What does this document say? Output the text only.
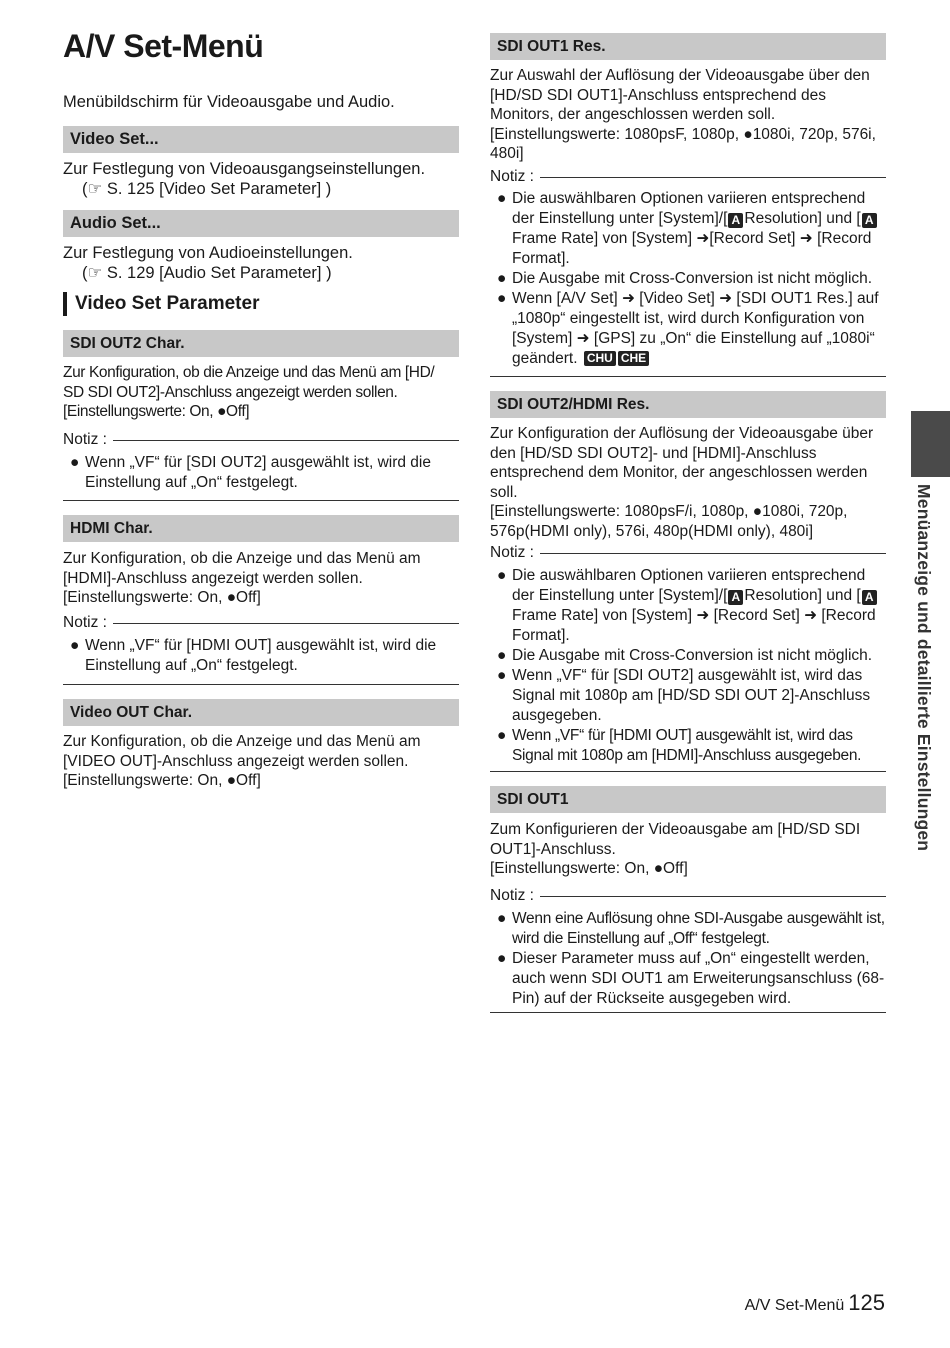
A/V Set-Menü
Menübildschirm für Videoausgabe und Audio.
Video Set...
Zur Festlegung von Videoausgangseinstellungen.
(☞ S. 125 [Video Set Parameter] )
Audio Set...
Zur Festlegung von Audioeinstellungen.
(☞ S. 129 [Audio Set Parameter] )
Video Set Parameter
SDI OUT2 Char.
Zur Konfiguration, ob die Anzeige und das Menü am [HD/
SD SDI OUT2]-Anschluss angezeigt werden sollen.
[Einstellungswerte: On, ●Off]
Notiz :
● Wenn „VF“ für [SDI OUT2] ausgewählt ist, wird die Einstellung auf „On“ festgelegt.
HDMI Char.
Zur Konfiguration, ob die Anzeige und das Menü am
[HDMI]-Anschluss angezeigt werden sollen.
[Einstellungswerte: On, ●Off]
Notiz :
● Wenn „VF“ für [HDMI OUT] ausgewählt ist, wird die Einstellung auf „On“ festgelegt.
Video OUT Char.
Zur Konfiguration, ob die Anzeige und das Menü am
[VIDEO OUT]-Anschluss angezeigt werden sollen.
[Einstellungswerte: On, ●Off]
SDI OUT1 Res.
Zur Auswahl der Auflösung der Videoausgabe über den [HD/SD SDI OUT1]-Anschluss entsprechend des Monitors, der angeschlossen werden soll.
[Einstellungswerte: 1080psF, 1080p, ●1080i, 720p, 576i, 480i]
Notiz :
● Die auswählbaren Optionen variieren entsprechend der Einstellung unter [System]/[ A Resolution] und [ AFrame Rate] von [System] ➜[Record Set] ➜ [Record Format].
● Die Ausgabe mit Cross-Conversion ist nicht möglich.
● Wenn [A/V Set] ➜ [Video Set] ➜ [SDI OUT1 Res.] auf „1080p“ eingestellt ist, wird durch Konfiguration von [System] ➜ [GPS] zu „On“ die Einstellung auf „1080i“ geändert. CHU CHE
SDI OUT2/HDMI Res.
Zur Konfiguration der Auflösung der Videoausgabe über den [HD/SD SDI OUT2]- und [HDMI]-Anschluss entsprechend dem Monitor, der angeschlossen werden soll.
[Einstellungswerte: 1080psF/i, 1080p, ●1080i, 720p, 576p(HDMI only), 576i, 480p(HDMI only), 480i]
Notiz :
● Die auswählbaren Optionen variieren entsprechend der Einstellung unter [System]/[ A Resolution] und [ AFrame Rate] von [System] ➜ [Record Set] ➜ [Record Format].
● Die Ausgabe mit Cross-Conversion ist nicht möglich.
● Wenn „VF“ für [SDI OUT2] ausgewählt ist, wird das Signal mit 1080p am [HD/SD SDI OUT 2]-Anschluss ausgegeben.
● Wenn „VF“ für [HDMI OUT] ausgewählt ist, wird das Signal mit 1080p am [HDMI]-Anschluss ausgegeben.
SDI OUT1
Zum Konfigurieren der Videoausgabe am [HD/SD SDI OUT1]-Anschluss.
[Einstellungswerte: On, ●Off]
Notiz :
● Wenn eine Auflösung ohne SDI-Ausgabe ausgewählt ist, wird die Einstellung auf „Off“ festgelegt.
● Dieser Parameter muss auf „On“ eingestellt werden, auch wenn SDI OUT1 am Erweiterungsanschluss (68-Pin) auf der Rückseite ausgegeben wird.
Menüanzeige und detaillierte Einstellungen
A/V Set-Menü 125
